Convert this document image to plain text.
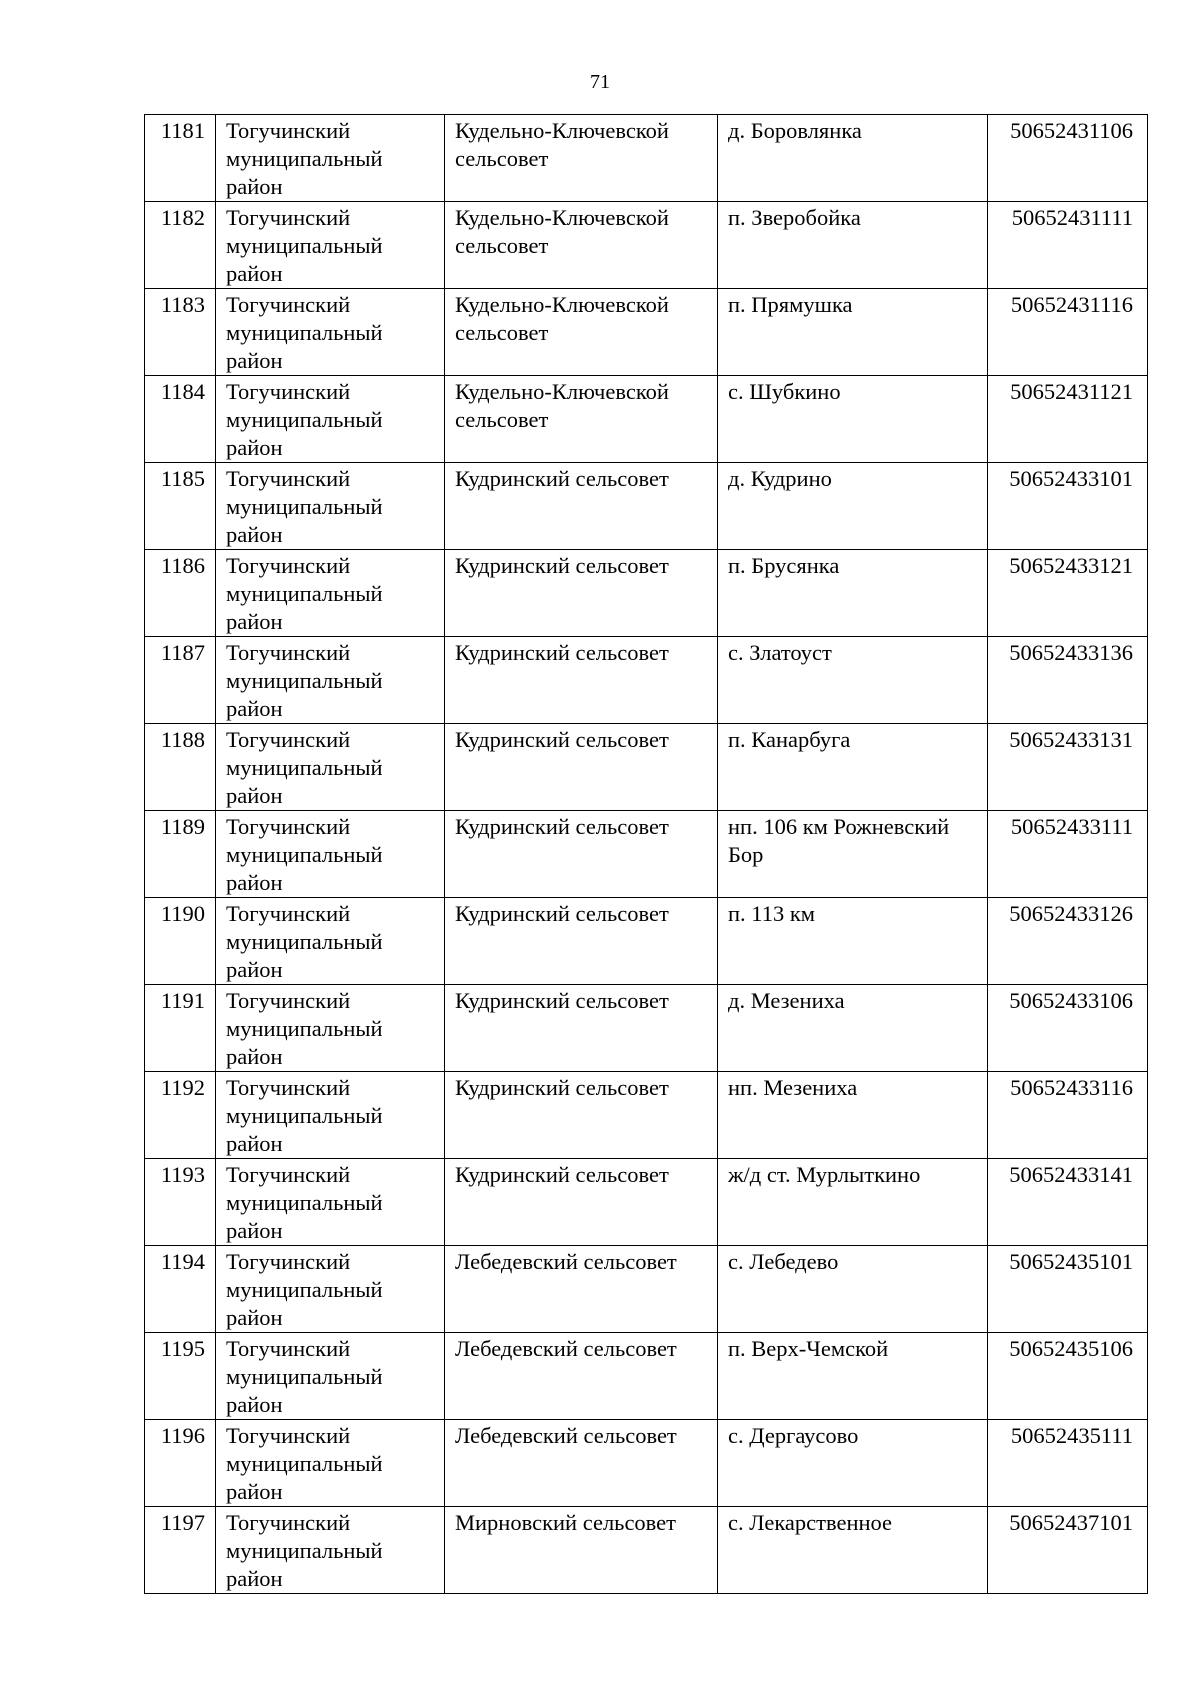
71
1181	Тогучинский муниципальный район	Кудельно-Ключевской сельсовет	д. Боровлянка	50652431106
1182	Тогучинский муниципальный район	Кудельно-Ключевской сельсовет	п. Зверобойка	50652431111
1183	Тогучинский муниципальный район	Кудельно-Ключевской сельсовет	п. Прямушка	50652431116
1184	Тогучинский муниципальный район	Кудельно-Ключевской сельсовет	с. Шубкино	50652431121
1185	Тогучинский муниципальный район	Кудринский сельсовет	д. Кудрино	50652433101
1186	Тогучинский муниципальный район	Кудринский сельсовет	п. Брусянка	50652433121
1187	Тогучинский муниципальный район	Кудринский сельсовет	с. Златоуст	50652433136
1188	Тогучинский муниципальный район	Кудринский сельсовет	п. Канарбуга	50652433131
1189	Тогучинский муниципальный район	Кудринский сельсовет	нп. 106 км Рожневский Бор	50652433111
1190	Тогучинский муниципальный район	Кудринский сельсовет	п. 113 км	50652433126
1191	Тогучинский муниципальный район	Кудринский сельсовет	д. Мезениха	50652433106
1192	Тогучинский муниципальный район	Кудринский сельсовет	нп. Мезениха	50652433116
1193	Тогучинский муниципальный район	Кудринский сельсовет	ж/д ст. Мурлыткино	50652433141
1194	Тогучинский муниципальный район	Лебедевский сельсовет	с. Лебедево	50652435101
1195	Тогучинский муниципальный район	Лебедевский сельсовет	п. Верх-Чемской	50652435106
1196	Тогучинский муниципальный район	Лебедевский сельсовет	с. Дергаусово	50652435111
1197	Тогучинский муниципальный район	Мирновский сельсовет	с. Лекарственное	50652437101
